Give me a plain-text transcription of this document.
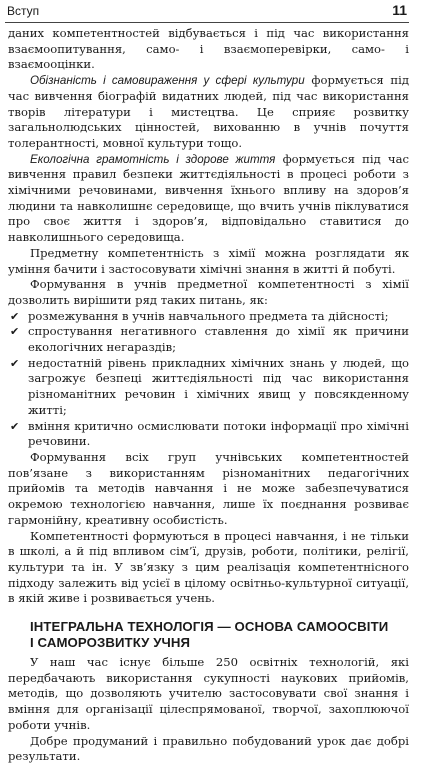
Вступ	11

даних компетентностей відбувається і під час використання взаємоопитування, само- і взаємоперевірки, само- і взаємооцінки.

Обізнаність і самовираження у сфері культури формується під час вивчення біографій видатних людей, під час використання творів літератури і мистецтва. Це сприяє розвитку загальнолюдських цінностей, вихованню в учнів почуття толерантності, мовної культури тощо.

Екологічна грамотність і здорове життя формується під час вивчення правил безпеки життєдіяльності в процесі роботи з хімічними речовинами, вивчення їхнього впливу на здоров’я людини та навколишнє середовище, що вчить учнів піклуватися про своє життя і здоров’я, відповідально ставитися до навколишнього середовища.

Предметну компетентність з хімії можна розглядати як уміння бачити і застосовувати хімічні знання в житті й побуті.

Формування в учнів предметної компетентності з хімії дозволить вирішити ряд таких питань, як:

✔ розмежування в учнів навчального предмета та дійсності;
✔ спростування негативного ставлення до хімії як причини екологічних негараздів;
✔ недостатній рівень прикладних хімічних знань у людей, що загрожує безпеці життєдіяльності під час використання різноманітних речовин і хімічних явищ у повсякденному житті;
✔ вміння критично осмислювати потоки інформації про хімічні речовини.

Формування всіх груп учнівських компетентностей пов’язане з використанням різноманітних педагогічних прийомів та методів навчання і не може забезпечуватися окремою технологією навчання, лише їх поєднання розвиває гармонійну, креативну особистість.

Компетентності формуються в процесі навчання, і не тільки в школі, а й під впливом сім’ї, друзів, роботи, політики, релігії, культури та ін. У зв’язку з цим реалізація компетентнісного підходу залежить від усієї в цілому освітньо-культурної ситуації, в якій живе і розвивається учень.

ІНТЕГРАЛЬНА ТЕХНОЛОГІЯ — ОСНОВА САМООСВІТИ
І САМОРОЗВИТКУ УЧНЯ

У наш час існує більше 250 освітніх технологій, які передбачають використання сукупності наукових прийомів, методів, що дозволяють учителю застосовувати свої знання і вміння для організації цілеспрямованої, творчої, захоплюючої роботи учнів.

Добре продуманий і правильно побудований урок дає добрі результати.
